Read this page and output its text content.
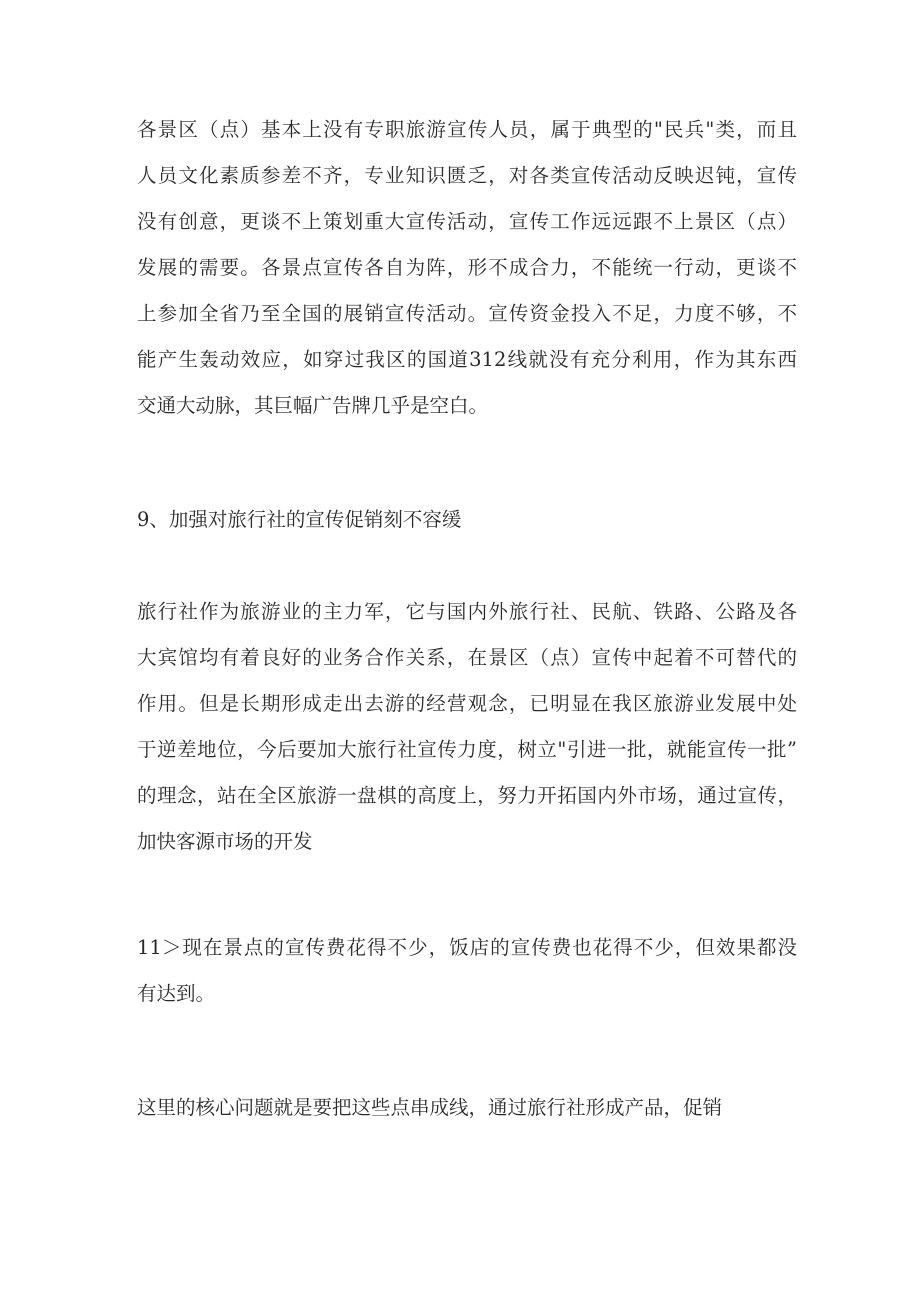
各景区（点）基本上没有专职旅游宣传人员，属于典型的"民兵"类，而且
人员文化素质参差不齐，专业知识匮乏，对各类宣传活动反映迟钝，宣传
没有创意，更谈不上策划重大宣传活动，宣传工作远远跟不上景区（点）
发展的需要。各景点宣传各自为阵，形不成合力，不能统一行动，更谈不
上参加全省乃至全国的展销宣传活动。宣传资金投入不足，力度不够，不
能产生轰动效应，如穿过我区的国道312线就没有充分利用，作为其东西
交通大动脉，其巨幅广告牌几乎是空白。
9、加强对旅行社的宣传促销刻不容缓
旅行社作为旅游业的主力军，它与国内外旅行社、民航、铁路、公路及各
大宾馆均有着良好的业务合作关系，在景区（点）宣传中起着不可替代的
作用。但是长期形成走出去游的经营观念，已明显在我区旅游业发展中处
于逆差地位，今后要加大旅行社宣传力度，树立"引进一批，就能宣传一批”
的理念，站在全区旅游一盘棋的高度上，努力开拓国内外市场，通过宣传，
加快客源市场的开发
11＞现在景点的宣传费花得不少，饭店的宣传费也花得不少，但效果都没
有达到。
这里的核心问题就是要把这些点串成线，通过旅行社形成产品，促销
